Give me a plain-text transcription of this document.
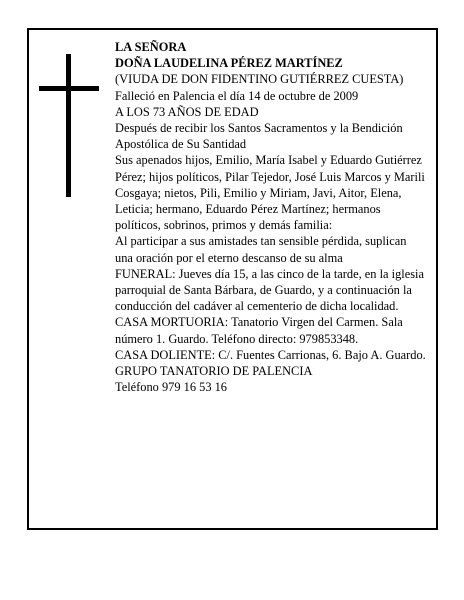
LA SEÑORA
DOÑA LAUDELINA PÉREZ MARTÍNEZ
(VIUDA DE DON FIDENTINO GUTIÉRREZ CUESTA)
Falleció en Palencia el día 14 de octubre de 2009
A LOS 73 AÑOS DE EDAD
Después de recibir los Santos Sacramentos y la Bendición Apostólica de Su Santidad
Sus apenados hijos, Emilio, María Isabel y Eduardo Gutiérrez Pérez; hijos políticos, Pilar Tejedor, José Luis Marcos y Marili Cosgaya; nietos, Pili, Emilio y Miriam, Javi, Aitor, Elena, Leticia; hermano, Eduardo Pérez Martínez; hermanos políticos, sobrinos, primos y demás familia:
Al participar a sus amistades tan sensible pérdida, suplican una oración por el eterno descanso de su alma
FUNERAL: Jueves día 15, a las cinco de la tarde, en la iglesia parroquial de Santa Bárbara, de Guardo, y a continuación la conducción del cadáver al cementerio de dicha localidad.
CASA MORTUORIA: Tanatorio Virgen del Carmen. Sala número 1. Guardo. Teléfono directo: 979853348.
CASA DOLIENTE: C/. Fuentes Carrionas, 6. Bajo A. Guardo.
GRUPO TANATORIO DE PALENCIA
Teléfono 979 16 53 16
